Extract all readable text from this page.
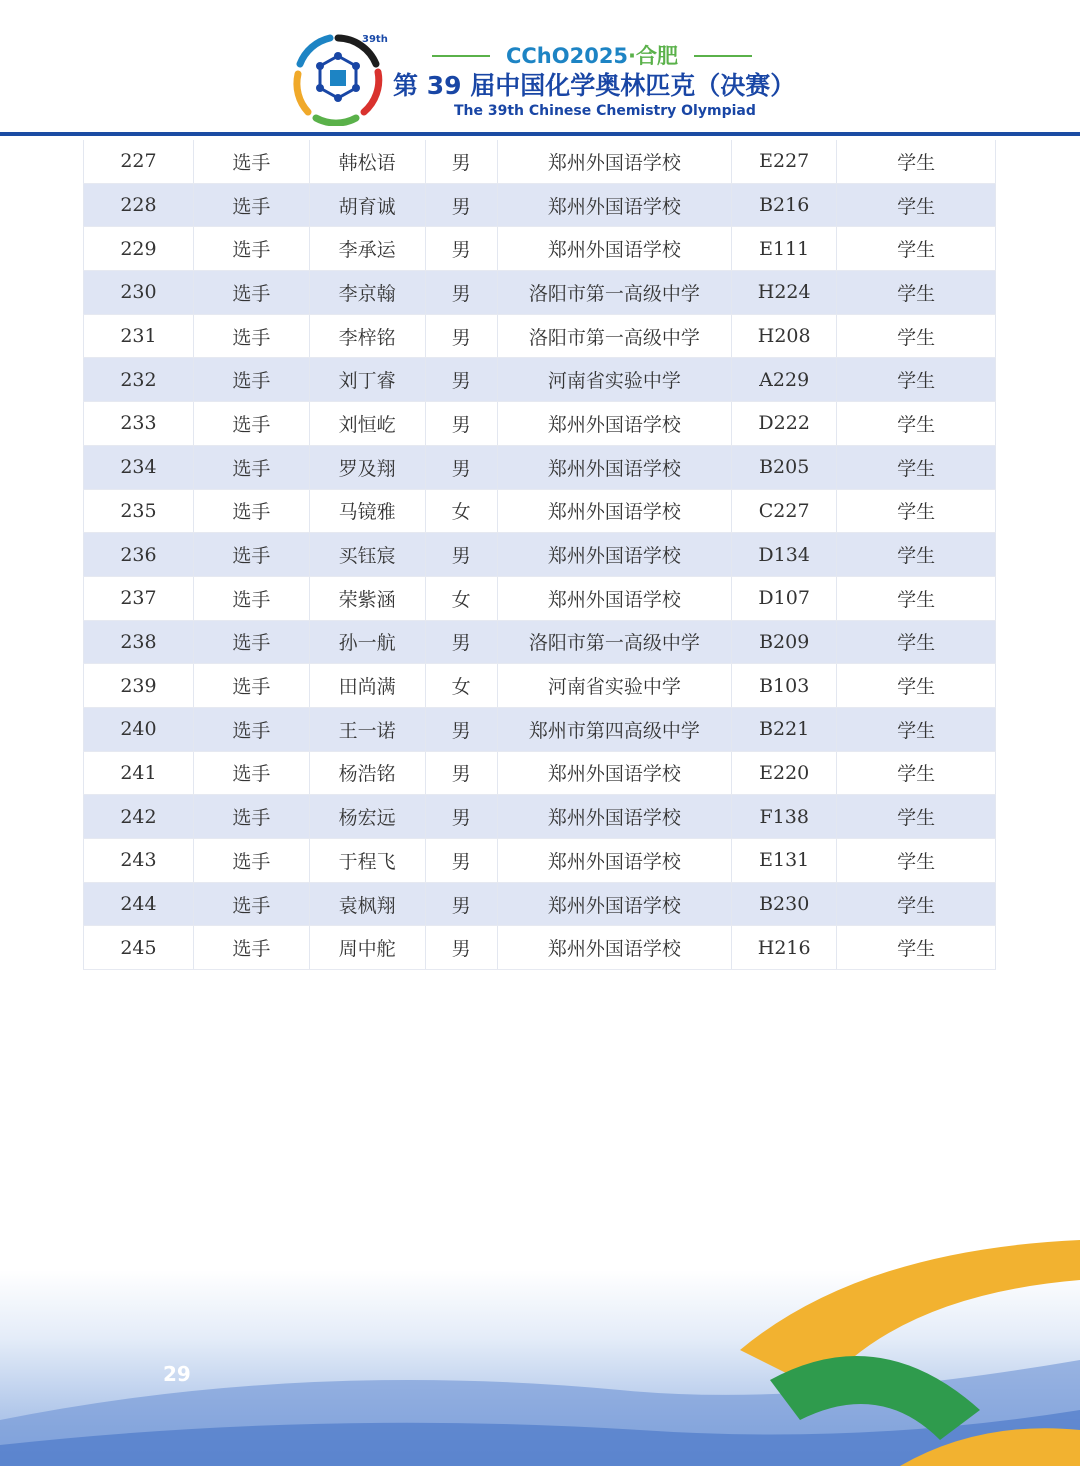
39th
CChO2025·合肥
第 39 届中国化学奥林匹克（决赛）
The 39th Chinese Chemistry Olympiad
227	选手	韩松语	男	郑州外国语学校	E227	学生
228	选手	胡育诚	男	郑州外国语学校	B216	学生
229	选手	李承运	男	郑州外国语学校	E111	学生
230	选手	李京翰	男	洛阳市第一高级中学	H224	学生
231	选手	李梓铭	男	洛阳市第一高级中学	H208	学生
232	选手	刘丁睿	男	河南省实验中学	A229	学生
233	选手	刘恒屹	男	郑州外国语学校	D222	学生
234	选手	罗及翔	男	郑州外国语学校	B205	学生
235	选手	马镜雅	女	郑州外国语学校	C227	学生
236	选手	买钰宸	男	郑州外国语学校	D134	学生
237	选手	荣紫涵	女	郑州外国语学校	D107	学生
238	选手	孙一航	男	洛阳市第一高级中学	B209	学生
239	选手	田尚满	女	河南省实验中学	B103	学生
240	选手	王一诺	男	郑州市第四高级中学	B221	学生
241	选手	杨浩铭	男	郑州外国语学校	E220	学生
242	选手	杨宏远	男	郑州外国语学校	F138	学生
243	选手	于程飞	男	郑州外国语学校	E131	学生
244	选手	袁枫翔	男	郑州外国语学校	B230	学生
245	选手	周中舵	男	郑州外国语学校	H216	学生
29
